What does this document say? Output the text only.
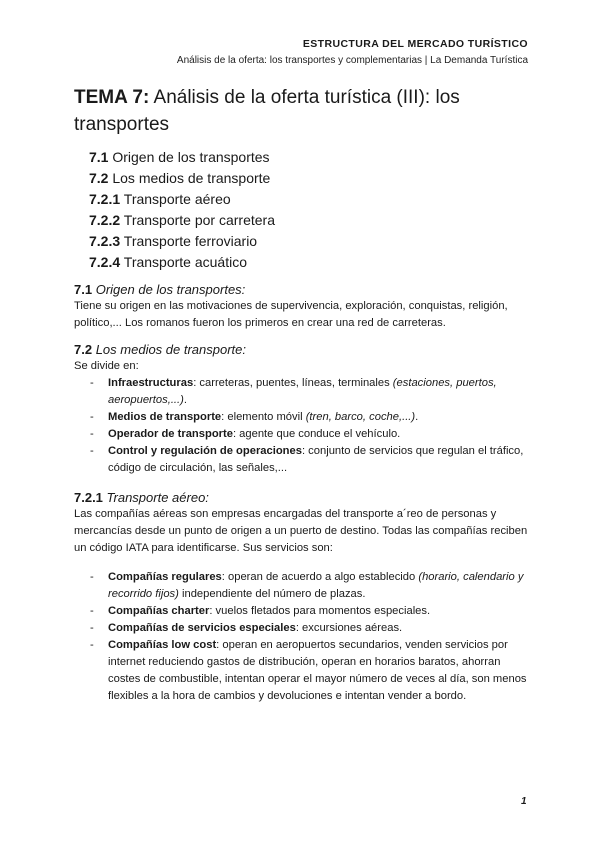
ESTRUCTURA DEL MERCADO TURÍSTICO
Análisis de la oferta: los transportes y complementarias | La Demanda Turística
TEMA 7: Análisis de la oferta turística (III): los transportes
7.1 Origen de los transportes
7.2 Los medios de transporte
7.2.1 Transporte aéreo
7.2.2 Transporte por carretera
7.2.3 Transporte ferroviario
7.2.4 Transporte acuático
7.1 Origen de los transportes:

Tiene su origen en las motivaciones de supervivencia, exploración, conquistas, religión, político,... Los romanos fueron los primeros en crear una red de carreteras.

7.2 Los medios de transporte:

Se divide en:

- Infraestructuras: carreteras, puentes, líneas, terminales (estaciones, puertos, aeropuertos,...).
- Medios de transporte: elemento móvil (tren, barco, coche,...).
- Operador de transporte: agente que conduce el vehículo.
- Control y regulación de operaciones: conjunto de servicios que regulan el tráfico, código de circulación, las señales,...
7.2.1 Transporte aéreo:

Las compañías aéreas son empresas encargadas del transporte a´reo de personas y mercancías desde un punto de origen a un puerto de destino. Todas las compañías reciben un código IATA para identificarse. Sus servicios son:

- Compañías regulares: operan de acuerdo a algo establecido (horario, calendario y recorrido fijos) independiente del número de plazas.
- Compañías charter: vuelos fletados para momentos especiales.
- Compañías de servicios especiales: excursiones aéreas.
- Compañías low cost: operan en aeropuertos secundarios, venden servicios por internet reduciendo gastos de distribución, operan en horarios baratos, ahorran costes de combustible, intentan operar el mayor número de veces al día, son menos flexibles a la hora de cambios y devoluciones e intentan vender a bordo.
1
